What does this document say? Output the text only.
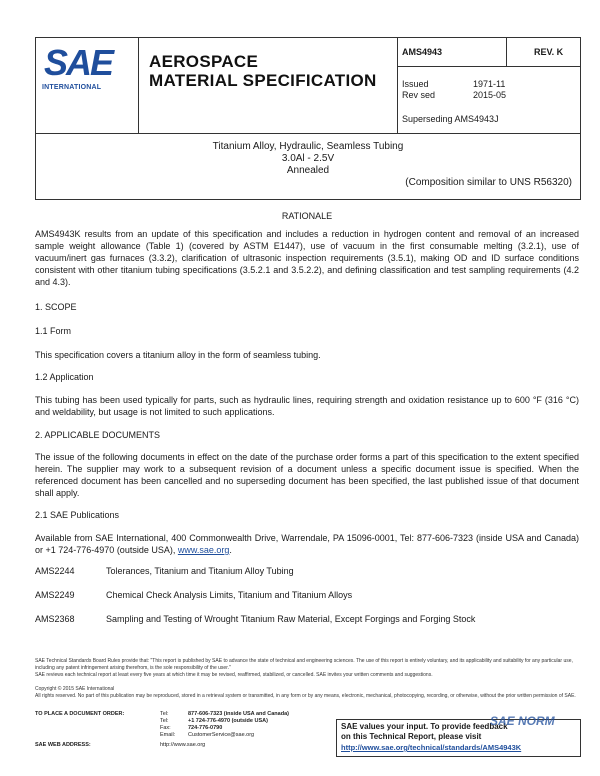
SAE
INTERNATIONAL
AEROSPACE
MATERIAL SPECIFICATION
AMS4943	REV. K
Issued	1971-11
Rev sed	2015-05
Superseding AMS4943J
Titanium Alloy, Hydraulic, Seamless Tubing
3.0Al - 2.5V
Annealed
(Composition similar to UNS R56320)
RATIONALE
AMS4943K results from an update of this specification and includes a reduction in hydrogen content and removal of an increased sample weight allowance (Table 1) (covered by ASTM E1447), use of vacuum in the first consumable melting (3.2.1), use of vacuum/inert gas furnaces (3.3.2), clarification of ultrasonic inspection requirements (3.5.1), making OD and ID surface conditions consistent with other titanium tubing specifications (3.5.2.1 and 3.5.2.2), and defining classification and test sampling requirements (4.2 and 4.3).
1. SCOPE
1.1 Form
This specification covers a titanium alloy in the form of seamless tubing.
1.2 Application
This tubing has been used typically for parts, such as hydraulic lines, requiring strength and oxidation resistance up to 600 °F (316 °C) and weldability, but usage is not limited to such applications.
2. APPLICABLE DOCUMENTS
The issue of the following documents in effect on the date of the purchase order forms a part of this specification to the extent specified herein. The supplier may work to a subsequent revision of a document unless a specific document issue is specified. When the referenced document has been cancelled and no superseding document has been specified, the last published issue of that document shall apply.
2.1 SAE Publications
Available from SAE International, 400 Commonwealth Drive, Warrendale, PA 15096-0001, Tel: 877-606-7323 (inside USA and Canada) or +1 724-776-4970 (outside USA), www.sae.org.
AMS2244	Tolerances, Titanium and Titanium Alloy Tubing
AMS2249	Chemical Check Analysis Limits, Titanium and Titanium Alloys
AMS2368	Sampling and Testing of Wrought Titanium Raw Material, Except Forgings and Forging Stock
SAE Technical Standards Board Rules provide that: "This report is published by SAE to advance the state of technical and engineering sciences. The use of this report is entirely voluntary, and its applicability and suitability for any particular use, including any patent infringement arising therefrom, is the sole responsibility of the user."
SAE reviews each technical report at least every five years at which time it may be revised, reaffirmed, stabilized, or cancelled. SAE invites your written comments and suggestions.
Copyright © 2015 SAE International
All rights reserved. No part of this publication may be reproduced, stored in a retrieval system or transmitted, in any form or by any means, electronic, mechanical, photocopying, recording, or otherwise, without the prior written permission of SAE.
TO PLACE A DOCUMENT ORDER:	Tel:	877-606-7323 (inside USA and Canada)
Tel:	+1 724-776-4970 (outside USA)
Fax:	724-776-0790
Email: CustomerService@sae.org
SAE WEB ADDRESS:	http://www.sae.org
SAE values your input. To provide feedback
on this Technical Report, please visit
http://www.sae.org/technical/standards/AMS4943K
SAE NORM
